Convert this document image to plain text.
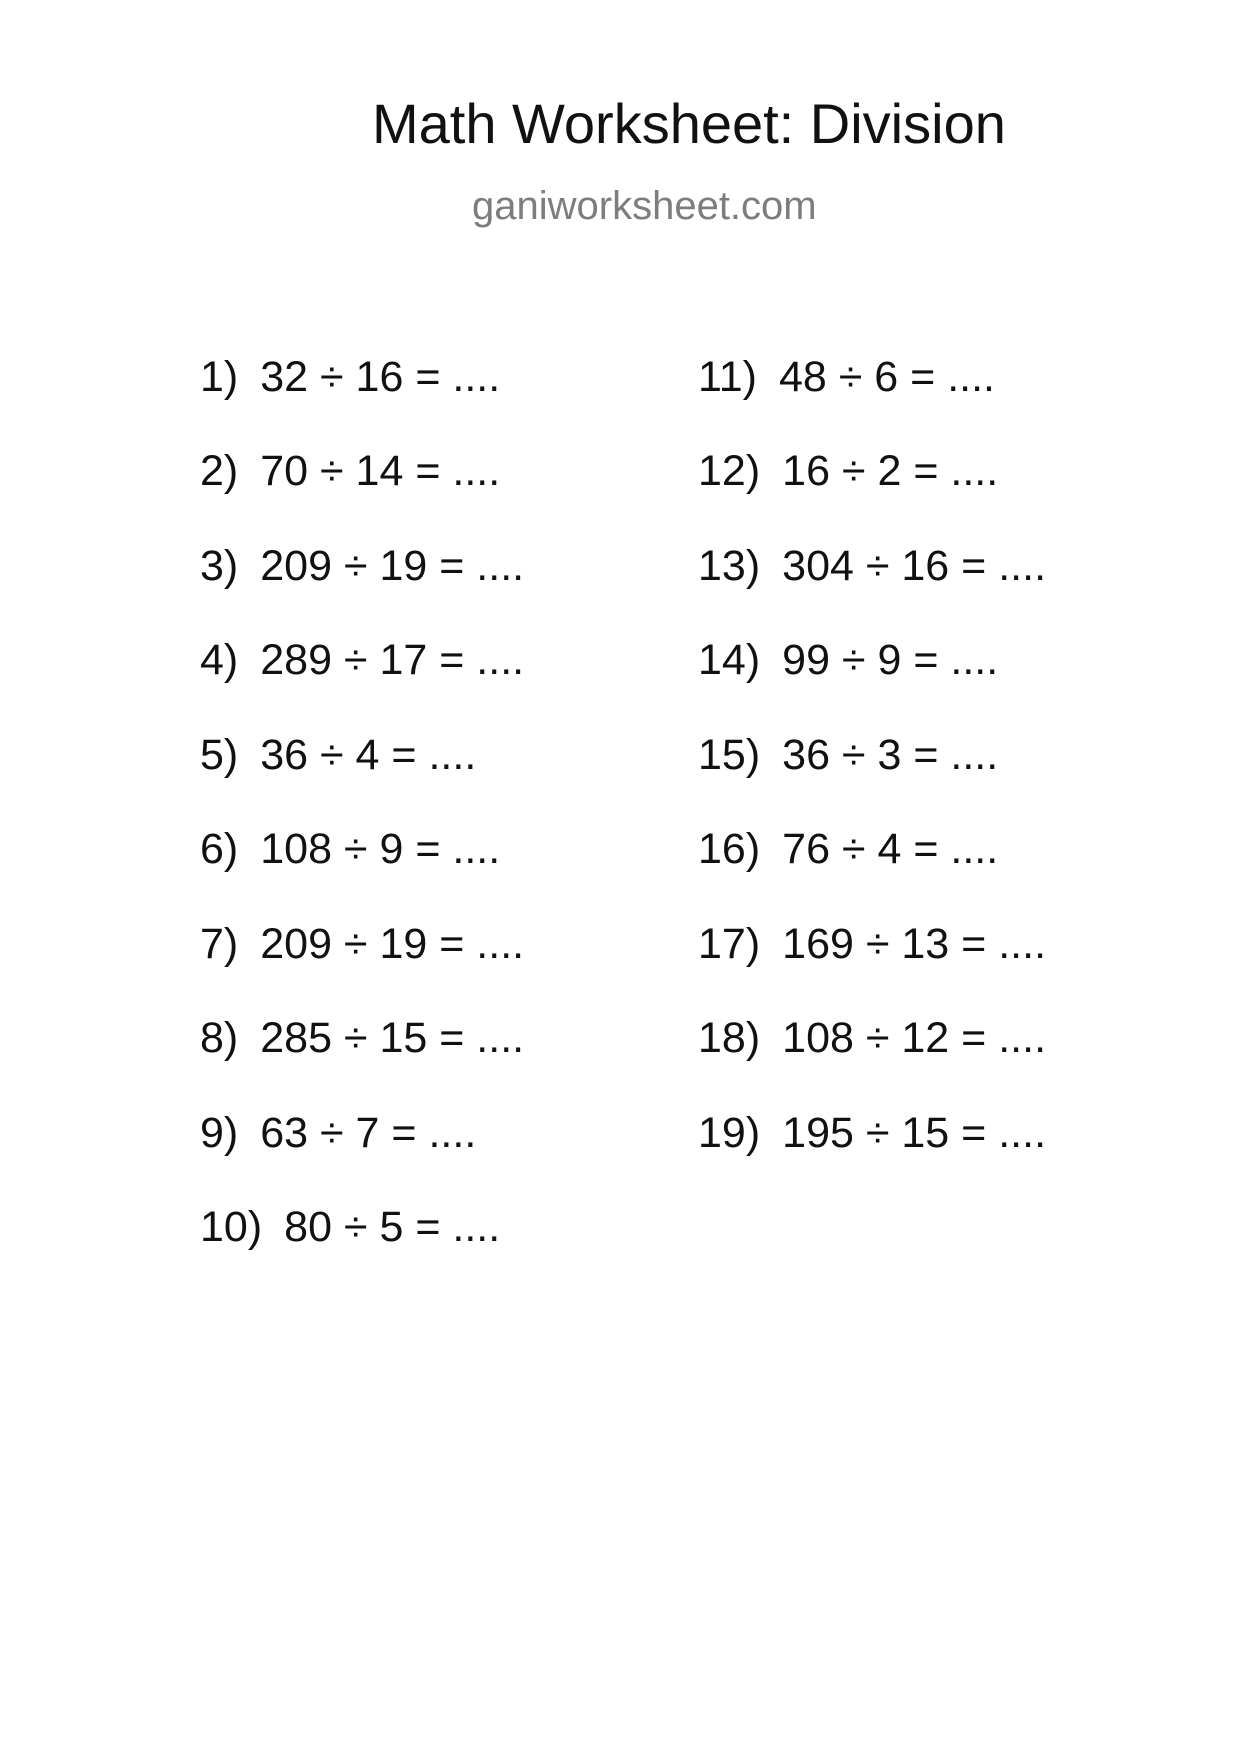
Math Worksheet: Division
ganiworksheet.com
1) 32 ÷ 16 = ....
2) 70 ÷ 14 = ....
3) 209 ÷ 19 = ....
4) 289 ÷ 17 = ....
5) 36 ÷ 4 = ....
6) 108 ÷ 9 = ....
7) 209 ÷ 19 = ....
8) 285 ÷ 15 = ....
9) 63 ÷ 7 = ....
10) 80 ÷ 5 = ....
11) 48 ÷ 6 = ....
12) 16 ÷ 2 = ....
13) 304 ÷ 16 = ....
14) 99 ÷ 9 = ....
15) 36 ÷ 3 = ....
16) 76 ÷ 4 = ....
17) 169 ÷ 13 = ....
18) 108 ÷ 12 = ....
19) 195 ÷ 15 = ....
